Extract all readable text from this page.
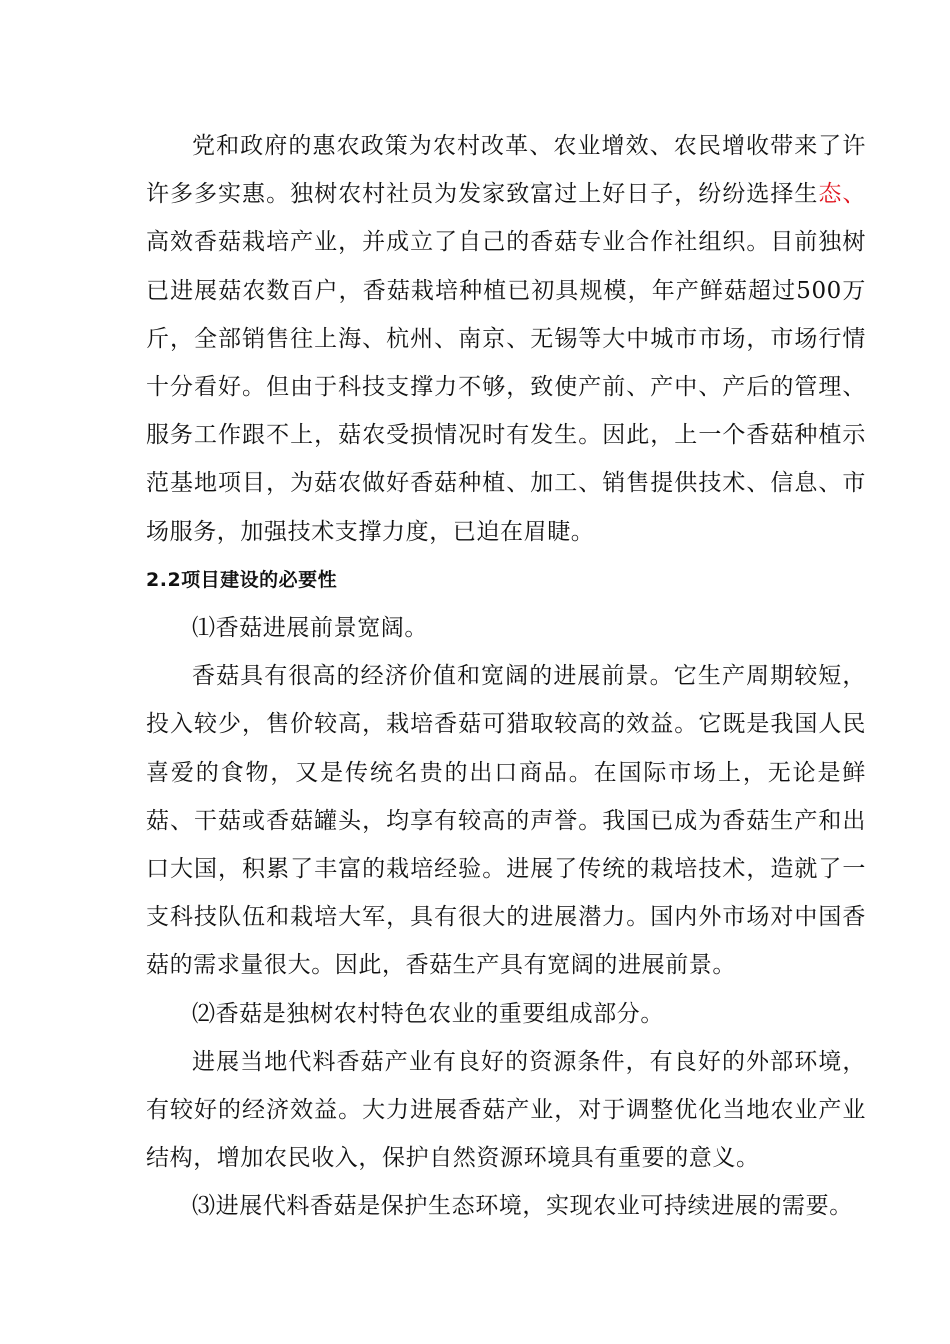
党和政府的惠农政策为农村改革、农业增效、农民增收带来了许许多多实惠。独树农村社员为发家致富过上好日子，纷纷选择生态、高效香菇栽培产业，并成立了自己的香菇专业合作社组织。目前独树已进展菇农数百户，香菇栽培种植已初具规模，年产鲜菇超过500万斤，全部销售往上海、杭州、南京、无锡等大中城市市场，市场行情十分看好。但由于科技支撑力不够，致使产前、产中、产后的管理、服务工作跟不上，菇农受损情况时有发生。因此，上一个香菇种植示范基地项目，为菇农做好香菇种植、加工、销售提供技术、信息、市场服务，加强技术支撑力度，已迫在眉睫。

2.2项目建设的必要性

⑴香菇进展前景宽阔。

香菇具有很高的经济价值和宽阔的进展前景。它生产周期较短，投入较少，售价较高，栽培香菇可猎取较高的效益。它既是我国人民喜爱的食物，又是传统名贵的出口商品。在国际市场上，无论是鲜菇、干菇或香菇罐头，均享有较高的声誉。我国已成为香菇生产和出口大国，积累了丰富的栽培经验。进展了传统的栽培技术，造就了一支科技队伍和栽培大军，具有很大的进展潜力。国内外市场对中国香菇的需求量很大。因此，香菇生产具有宽阔的进展前景。

⑵香菇是独树农村特色农业的重要组成部分。

进展当地代料香菇产业有良好的资源条件，有良好的外部环境，有较好的经济效益。大力进展香菇产业，对于调整优化当地农业产业结构，增加农民收入，保护自然资源环境具有重要的意义。

⑶进展代料香菇是保护生态环境，实现农业可持续进展的需要。
